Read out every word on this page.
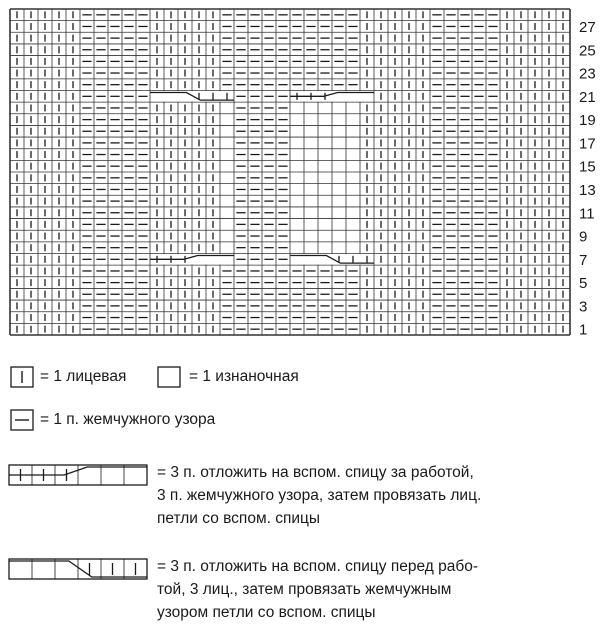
27
25
23
21
19
17
15
13
11
9
7
5
3
1
= 1 лицевая	= 1 изнаночная
= 1 п. жемчужного узора
= 3 п. отложить на вспом. спицу за работой,
3 п. жемчужного узора, затем провязать лиц.
петли со вспом. спицы
= 3 п. отложить на вспом. спицу перед рабо-
той, 3 лиц., затем провязать жемчужным
узором петли со вспом. спицы
